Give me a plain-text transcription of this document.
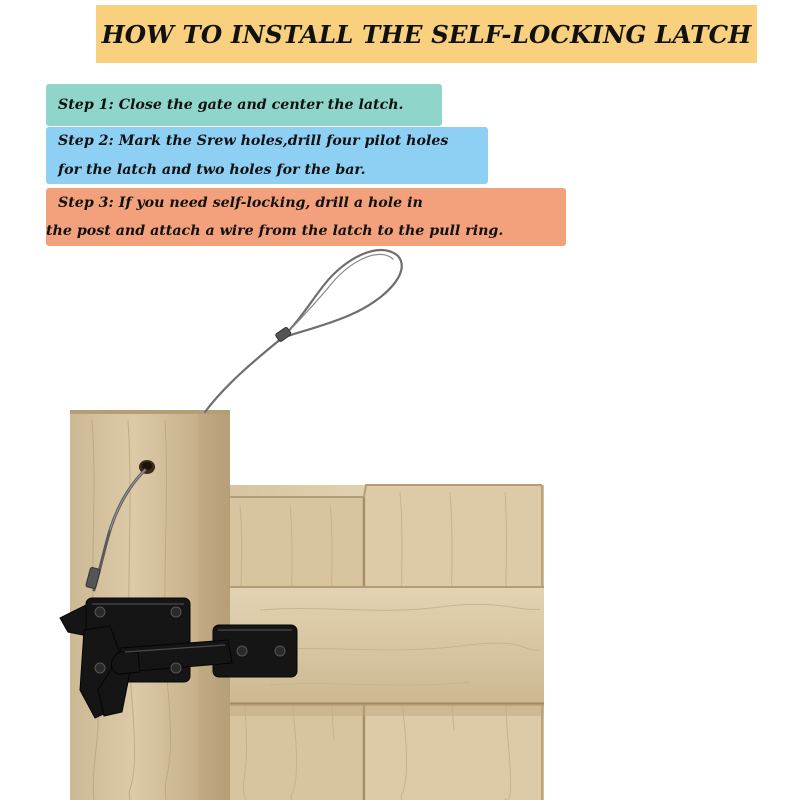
HOW TO INSTALL THE SELF-LOCKING LATCH
Step 1: Close the gate and center the latch.
Step 2: Mark the Srew holes,drill four pilot holes
for the latch and two holes for the bar.
Step 3: If you need self-locking, drill a hole in
the post and attach a wire from the latch to the pull ring.
